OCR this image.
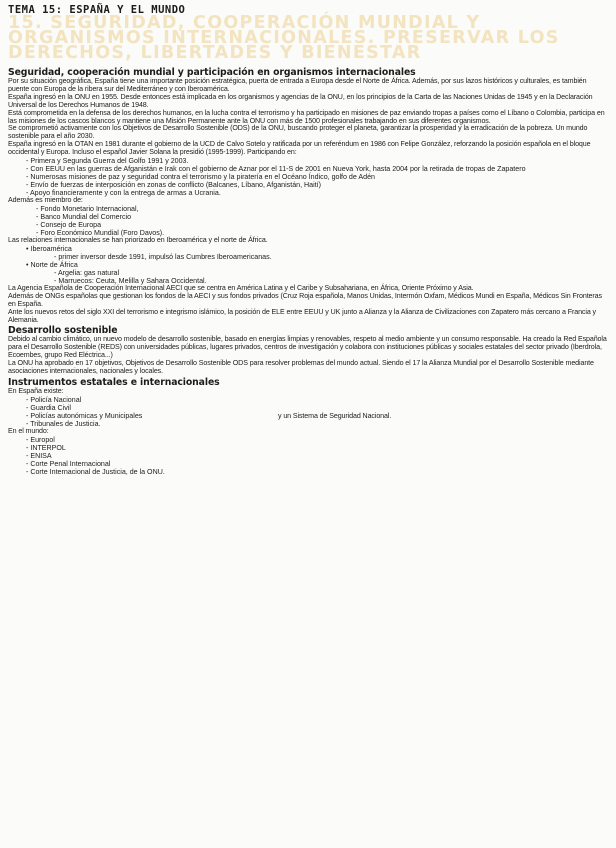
TEMA 15: ESPAÑA Y EL MUNDO
15. SEGURIDAD, COOPERACIÓN MUNDIAL Y ORGANISMOS INTERNACIONALES. PRESERVAR LOS DERECHOS, LIBERTADES Y BIENESTAR
Seguridad, cooperación mundial y participación en organismos internacionales

Por su situación geográfica, España tiene una importante posición estratégica, puerta de entrada a Europa desde el Norte de África. Además, por sus lazos históricos y culturales, es también puente con Europa de la ribera sur del Mediterráneo y con Iberoamérica.

España ingresó en la ONU en 1955. Desde entonces está implicada en los organismos y agencias de la ONU, en los principios de la Carta de las Naciones Unidas de 1945 y en la Declaración Universal de los Derechos Humanos de 1948.

Está comprometida en la defensa de los derechos humanos, en la lucha contra el terrorismo y ha participado en misiones de paz enviando tropas a países como el Líbano o Colombia, participa en las misiones de los cascos blancos y mantiene una Misión Permanente ante la ONU con más de 1500 profesionales trabajando en sus diferentes organismos.

Se comprometió activamente con los Objetivos de Desarrollo Sostenible (ODS) de la ONU, buscando proteger el planeta, garantizar la prosperidad y la erradicación de la pobreza. Un mundo sostenible para el año 2030.

España ingresó en la OTAN en 1981 durante el gobierno de la UCD de Calvo Sotelo y ratificada por un referéndum en 1986 con Felipe González, reforzando la posición española en el bloque occidental y Europa. Incluso el español Javier Solana la presidió (1995-1999). Participando en:

- Primera y Segunda Guerra del Golfo 1991 y 2003.
- Con EEUU en las guerras de Afganistán e Irak con el gobierno de Aznar por el 11-S de 2001 en Nueva York, hasta 2004 por la retirada de tropas de Zapatero
- Numerosas misiones de paz y seguridad contra el terrorismo y la piratería en el Océano Índico, golfo de Adén
- Envío de fuerzas de interposición en zonas de conflicto (Balcanes, Líbano, Afganistán, Haití)
- Apoyo financieramente y con la entrega de armas a Ucrania.

Además es miembro de:

- Fondo Monetario Internacional,
- Banco Mundial del Comercio
- Consejo de Europa
- Foro Económico Mundial (Foro Davos).

Las relaciones internacionales se han priorizado en Iberoamérica y el norte de África.

• Iberoamérica
- primer inversor desde 1991, impulsó las Cumbres Iberoamericanas.
• Norte de África
- Argelia: gas natural
- Marruecos: Ceuta, Melilla y Sahara Occidental.

La Agencia Española de Cooperación Internacional AECI que se centra en América Latina y el Caribe y Subsahariana, en África, Oriente Próximo y Asia.

Además de ONGs españolas que gestionan los fondos de la AECI y sus fondos privados (Cruz Roja española, Manos Unidas, Intermón Oxfam, Médicos Mundi en España, Médicos Sin Fronteras en España.

Ante los nuevos retos del siglo XXI del terrorismo e integrismo islámico, la posición de ELE entre EEUU y UK junto a Alianza y la Alianza de Civilizaciones con Zapatero más cercano a Francia y Alemania.

Desarrollo sostenible

Debido al cambio climático, un nuevo modelo de desarrollo sostenible, basado en energías limpias y renovables, respeto al medio ambiente y un consumo responsable. Ha creado la Red Española para el Desarrollo Sostenible (REDS) con universidades públicas, lugares privados, centros de investigación y colabora con instituciones públicas y sociales estatales del sector privado (Iberdrola, Ecoembes, grupo Red Eléctrica...)

La ONU ha aprobado en 17 objetivos, Objetivos de Desarrollo Sostenible ODS para resolver problemas del mundo actual. Siendo el 17 la Alianza Mundial por el Desarrollo Sostenible mediante asociaciones internacionales, nacionales y locales.

Instrumentos estatales e internacionales

En España existe:

- Policía Nacional
- Guardia Civil
- Policías autonómicas y Municipales
- Tribunales de Justicia.
y un Sistema de Seguridad Nacional.

En el mundo:

- Europol
- INTERPOL
- ENISA
- Corte Penal Internacional
- Corte Internacional de Justicia, de la ONU.
